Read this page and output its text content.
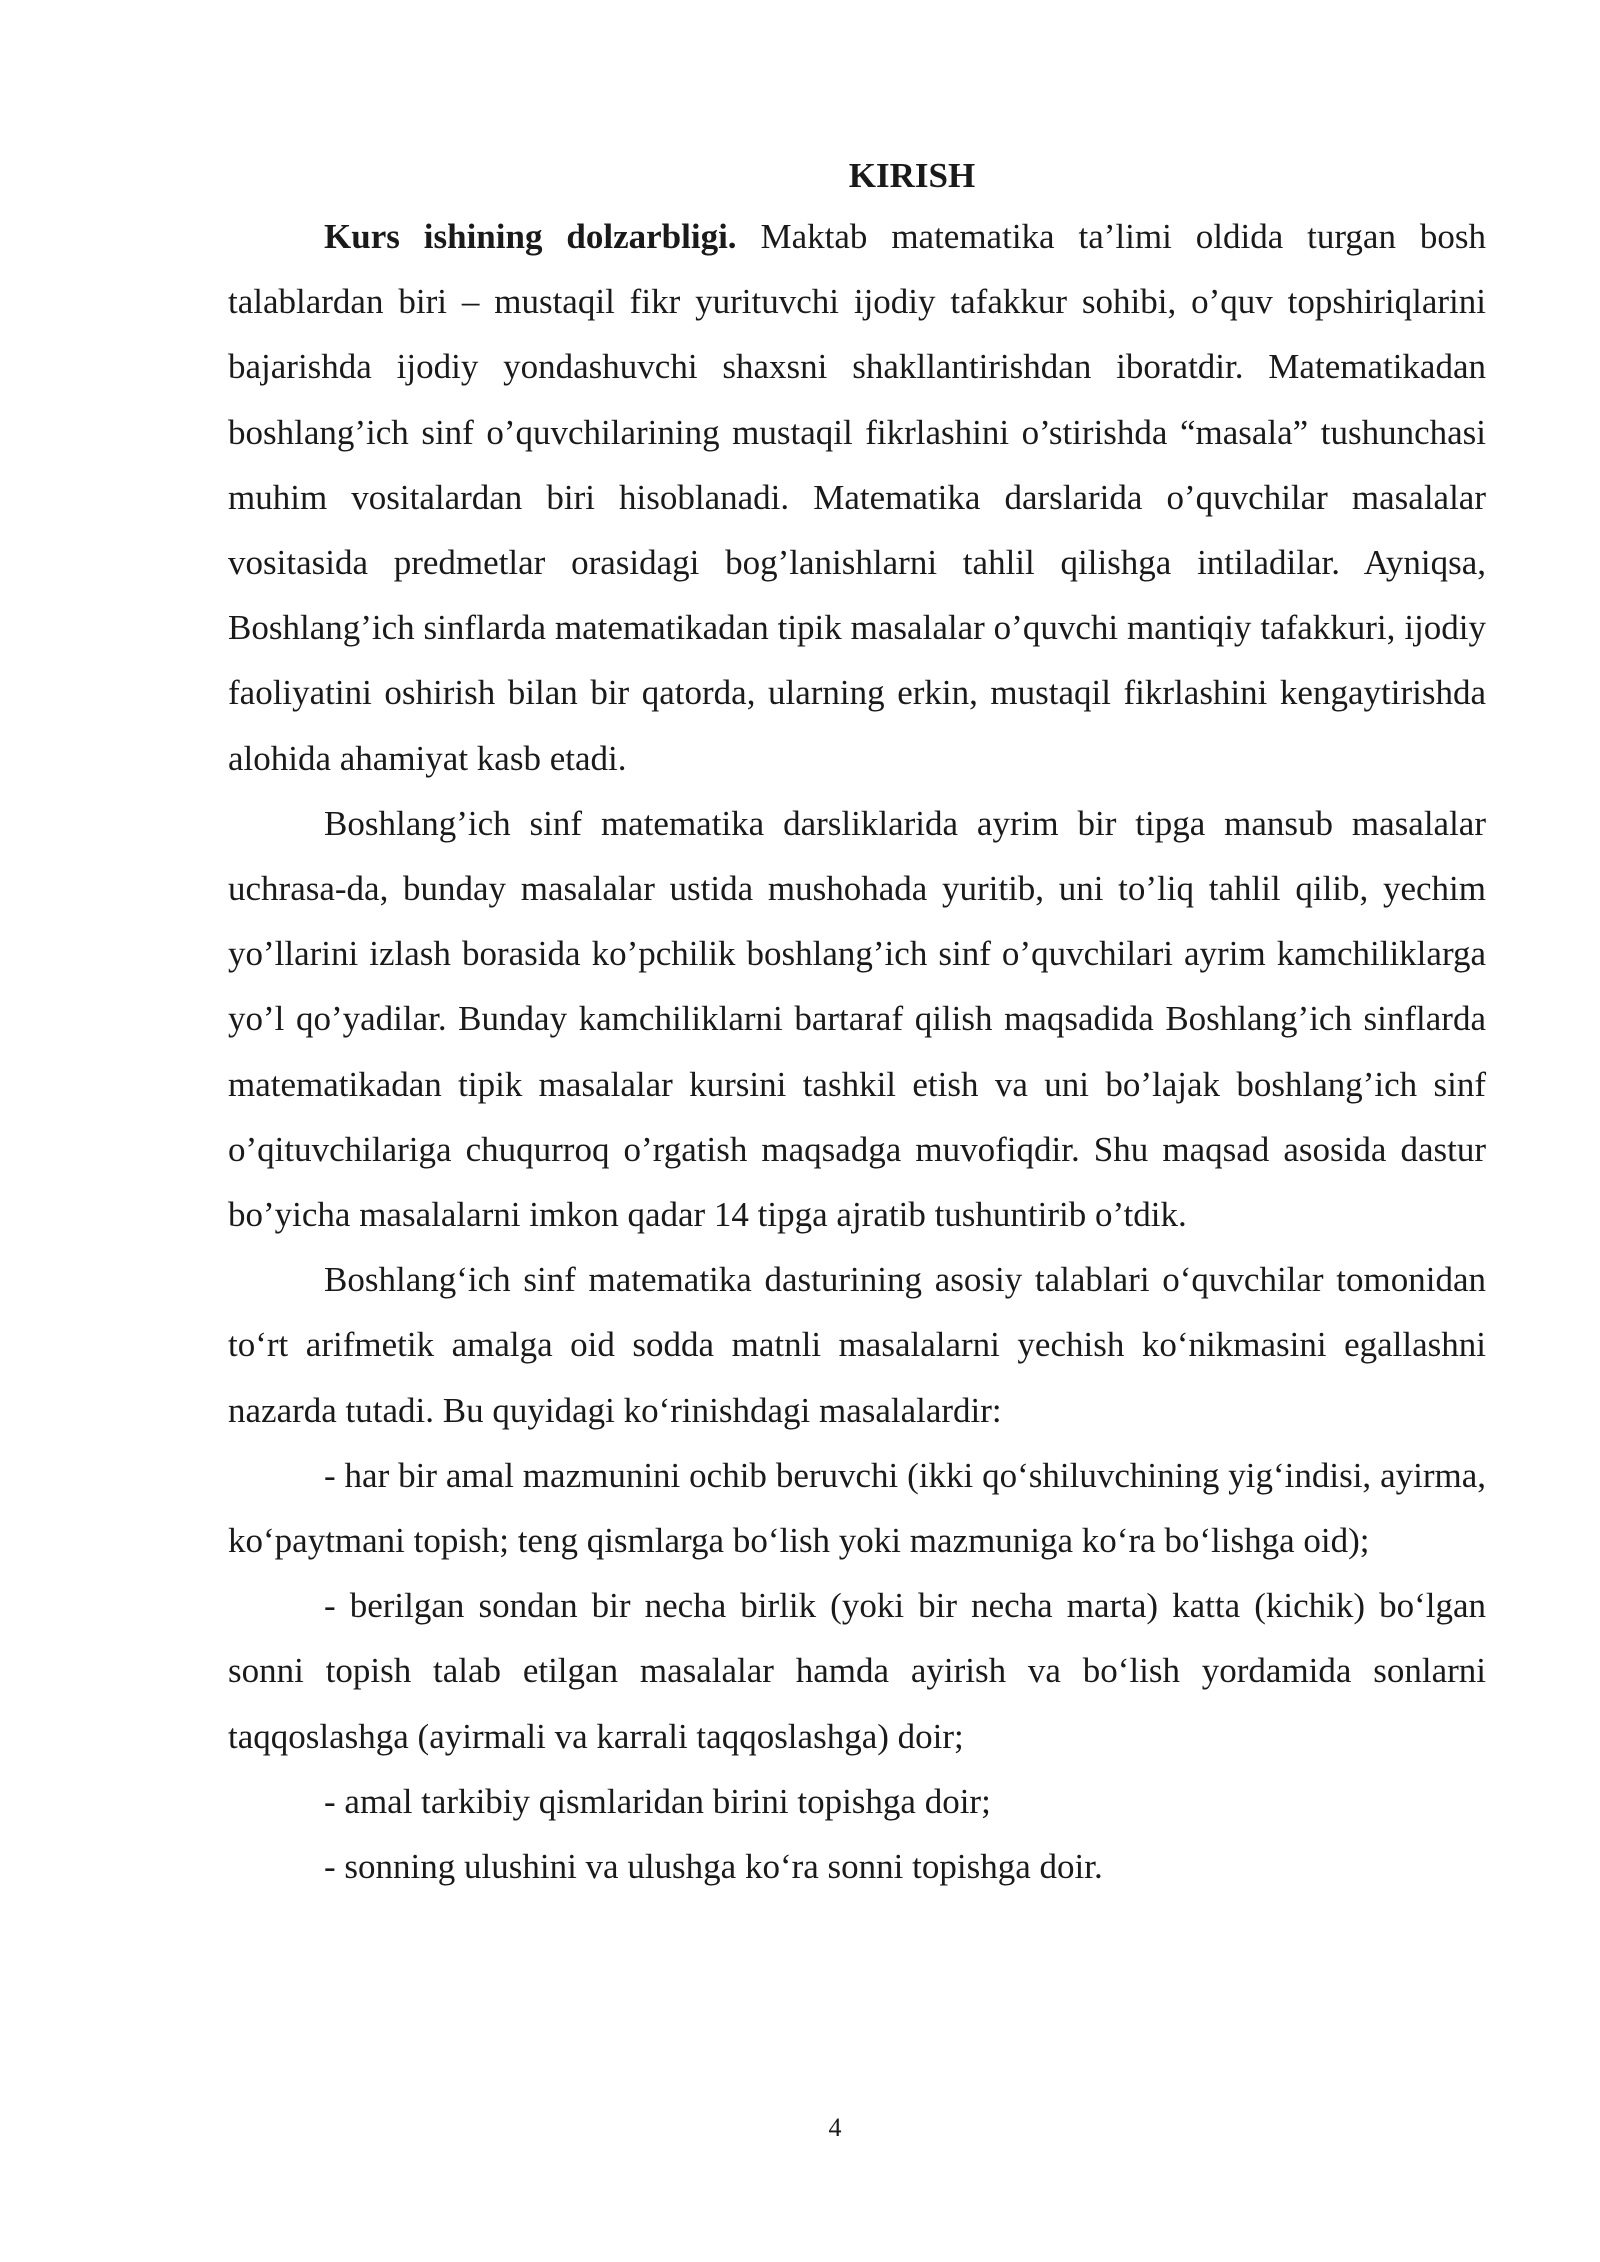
KIRISH

Kurs ishining dolzarbligi. Maktab matematika ta’limi oldida turgan bosh talablardan biri – mustaqil fikr yurituvchi ijodiy tafakkur sohibi, o’quv topshiriqlarini bajarishda ijodiy yondashuvchi shaxsni shakllantirishdan iboratdir. Matematikadan boshlang’ich sinf o’quvchilarining mustaqil fikrlashini o’stirishda “masala” tushunchasi muhim vositalardan biri hisoblanadi. Matematika darslarida o’quvchilar masalalar vositasida predmetlar orasidagi bog’lanishlarni tahlil qilishga intiladilar. Ayniqsa, Boshlang’ich sinflarda matematikadan tipik masalalar o’quvchi mantiqiy tafakkuri, ijodiy faoliyatini oshirish bilan bir qatorda, ularning erkin, mustaqil fikrlashini kengaytirishda alohida ahamiyat kasb etadi.

Boshlang’ich sinf matematika darsliklarida ayrim bir tipga mansub masalalar uchrasa-da, bunday masalalar ustida mushohada yuritib, uni to’liq tahlil qilib, yechim yo’llarini izlash borasida ko’pchilik boshlang’ich sinf o’quvchilari ayrim kamchiliklarga yo’l qo’yadilar. Bunday kamchiliklarni bartaraf qilish maqsadida Boshlang’ich sinflarda matematikadan tipik masalalar kursini tashkil etish va uni bo’lajak boshlang’ich sinf o’qituvchilariga chuqurroq o’rgatish maqsadga muvofiqdir. Shu maqsad asosida dastur bo’yicha masalalarni imkon qadar 14 tipga ajratib tushuntirib o’tdik.

Boshlang‘ich sinf matematika dasturining asosiy talablari o‘quvchilar tomonidan to‘rt arifmetik amalga oid sodda matnli masalalarni yechish ko‘nikmasini egallashni nazarda tutadi. Bu quyidagi ko‘rinishdagi masalalardir:

- har bir amal mazmunini ochib beruvchi (ikki qo‘shiluvchining yig‘indisi, ayirma, ko‘paytmani topish; teng qismlarga bo‘lish yoki mazmuniga ko‘ra bo‘lishga oid);

- berilgan sondan bir necha birlik (yoki bir necha marta) katta (kichik) bo‘lgan sonni topish talab etilgan masalalar hamda ayirish va bo‘lish yordamida sonlarni taqqoslashga (ayirmali va karrali taqqoslashga) doir;

- amal tarkibiy qismlaridan birini topishga doir;

- sonning ulushini va ulushga ko‘ra sonni topishga doir.

4
